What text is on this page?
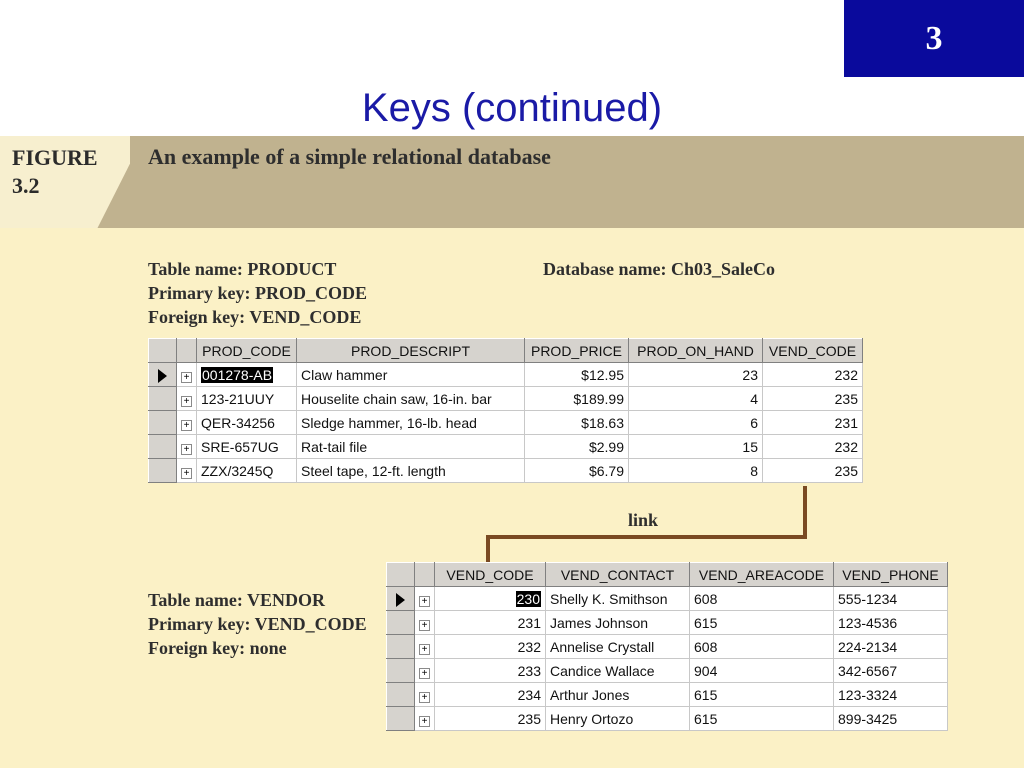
3
Keys (continued)
FIGURE
3.2
An example of a simple relational database
Table name: PRODUCT
Primary key: PROD_CODE
Foreign key: VEND_CODE
Database name: Ch03_SaleCo
		PROD_CODE	PROD_DESCRIPT	PROD_PRICE	PROD_ON_HAND	VEND_CODE
	+	001278-AB	Claw hammer	$12.95	23	232
	+	123-21UUY	Houselite chain saw, 16-in. bar	$189.99	4	235
	+	QER-34256	Sledge hammer, 16-lb. head	$18.63	6	231
	+	SRE-657UG	Rat-tail file	$2.99	15	232
	+	ZZX/3245Q	Steel tape, 12-ft. length	$6.79	8	235
link
Table name: VENDOR
Primary key: VEND_CODE
Foreign key: none
		VEND_CODE	VEND_CONTACT	VEND_AREACODE	VEND_PHONE
	+	230	Shelly K. Smithson	608	555-1234
	+	231	James Johnson	615	123-4536
	+	232	Annelise Crystall	608	224-2134
	+	233	Candice Wallace	904	342-6567
	+	234	Arthur Jones	615	123-3324
	+	235	Henry Ortozo	615	899-3425
